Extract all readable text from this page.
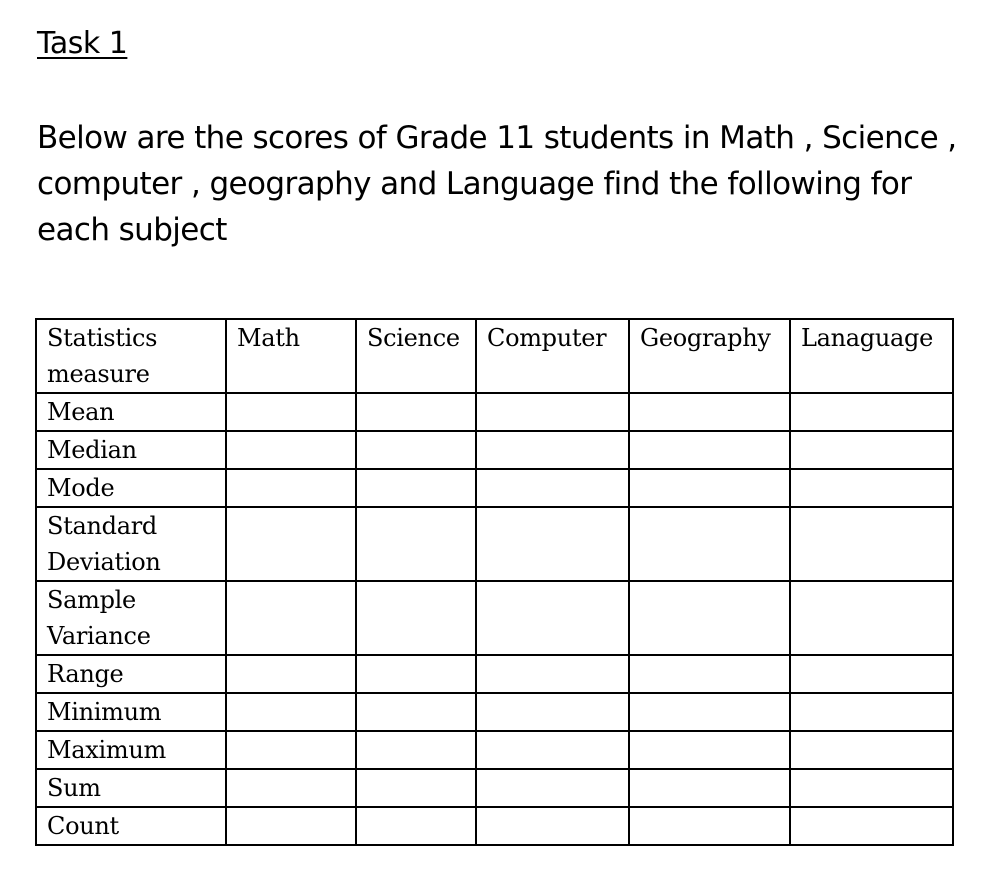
Task 1

Below are the scores of Grade 11 students in Math , Science , computer , geography and Language find the following for each subject

Statistics measure	Math	Science	Computer	Geography	Lanaguage
Mean					
Median					
Mode					
Standard Deviation					
Sample Variance					
Range					
Minimum					
Maximum					
Sum					
Count					
